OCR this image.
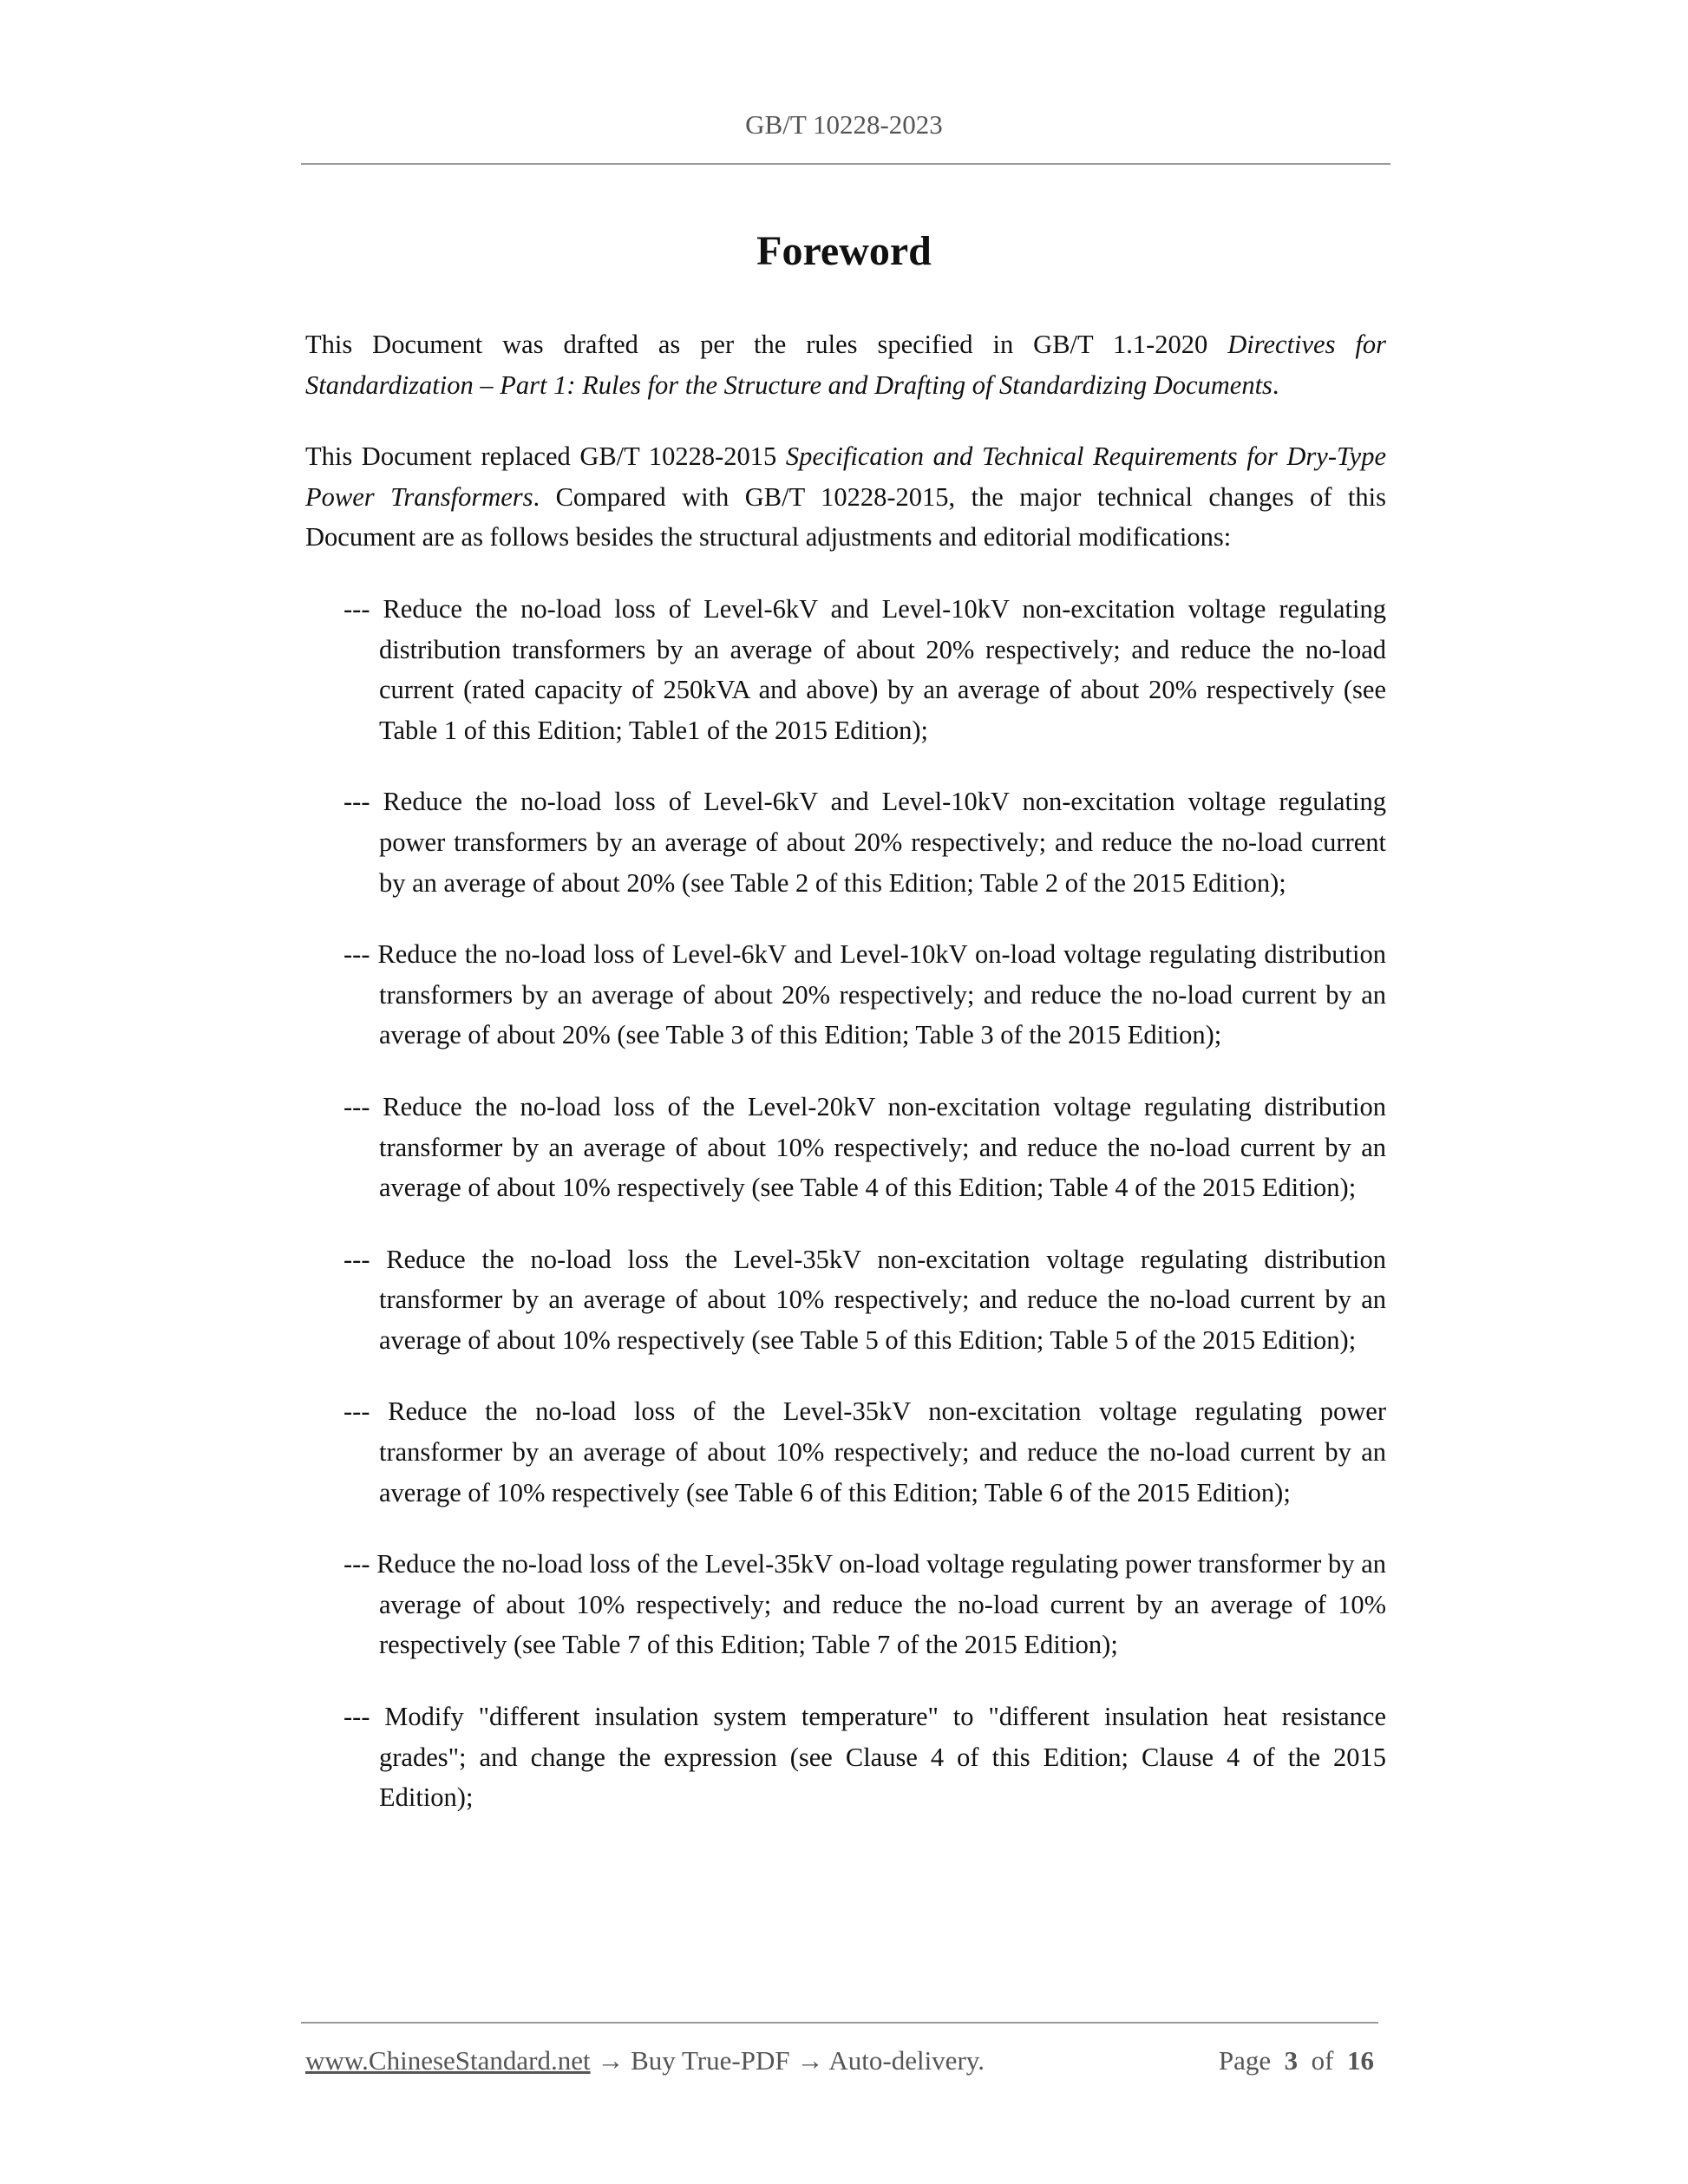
GB/T 10228-2023
Foreword

This Document was drafted as per the rules specified in GB/T 1.1-2020 Directives for Standardization – Part 1: Rules for the Structure and Drafting of Standardizing Documents.

This Document replaced GB/T 10228-2015 Specification and Technical Requirements for Dry-Type Power Transformers. Compared with GB/T 10228-2015, the major technical changes of this Document are as follows besides the structural adjustments and editorial modifications:

--- Reduce the no-load loss of Level-6kV and Level-10kV non-excitation voltage regulating distribution transformers by an average of about 20% respectively; and reduce the no-load current (rated capacity of 250kVA and above) by an average of about 20% respectively (see Table 1 of this Edition; Table1 of the 2015 Edition);

--- Reduce the no-load loss of Level-6kV and Level-10kV non-excitation voltage regulating power transformers by an average of about 20% respectively; and reduce the no-load current by an average of about 20% (see Table 2 of this Edition; Table 2 of the 2015 Edition);

--- Reduce the no-load loss of Level-6kV and Level-10kV on-load voltage regulating distribution transformers by an average of about 20% respectively; and reduce the no-load current by an average of about 20% (see Table 3 of this Edition; Table 3 of the 2015 Edition);

--- Reduce the no-load loss of the Level-20kV non-excitation voltage regulating distribution transformer by an average of about 10% respectively; and reduce the no-load current by an average of about 10% respectively (see Table 4 of this Edition; Table 4 of the 2015 Edition);

--- Reduce the no-load loss the Level-35kV non-excitation voltage regulating distribution transformer by an average of about 10% respectively; and reduce the no-load current by an average of about 10% respectively (see Table 5 of this Edition; Table 5 of the 2015 Edition);

--- Reduce the no-load loss of the Level-35kV non-excitation voltage regulating power transformer by an average of about 10% respectively; and reduce the no-load current by an average of 10% respectively (see Table 6 of this Edition; Table 6 of the 2015 Edition);

--- Reduce the no-load loss of the Level-35kV on-load voltage regulating power transformer by an average of about 10% respectively; and reduce the no-load current by an average of 10% respectively (see Table 7 of this Edition; Table 7 of the 2015 Edition);

--- Modify "different insulation system temperature" to "different insulation heat resistance grades"; and change the expression (see Clause 4 of this Edition; Clause 4 of the 2015 Edition);

www.ChineseStandard.net → Buy True-PDF → Auto-delivery.	Page 3 of 16
